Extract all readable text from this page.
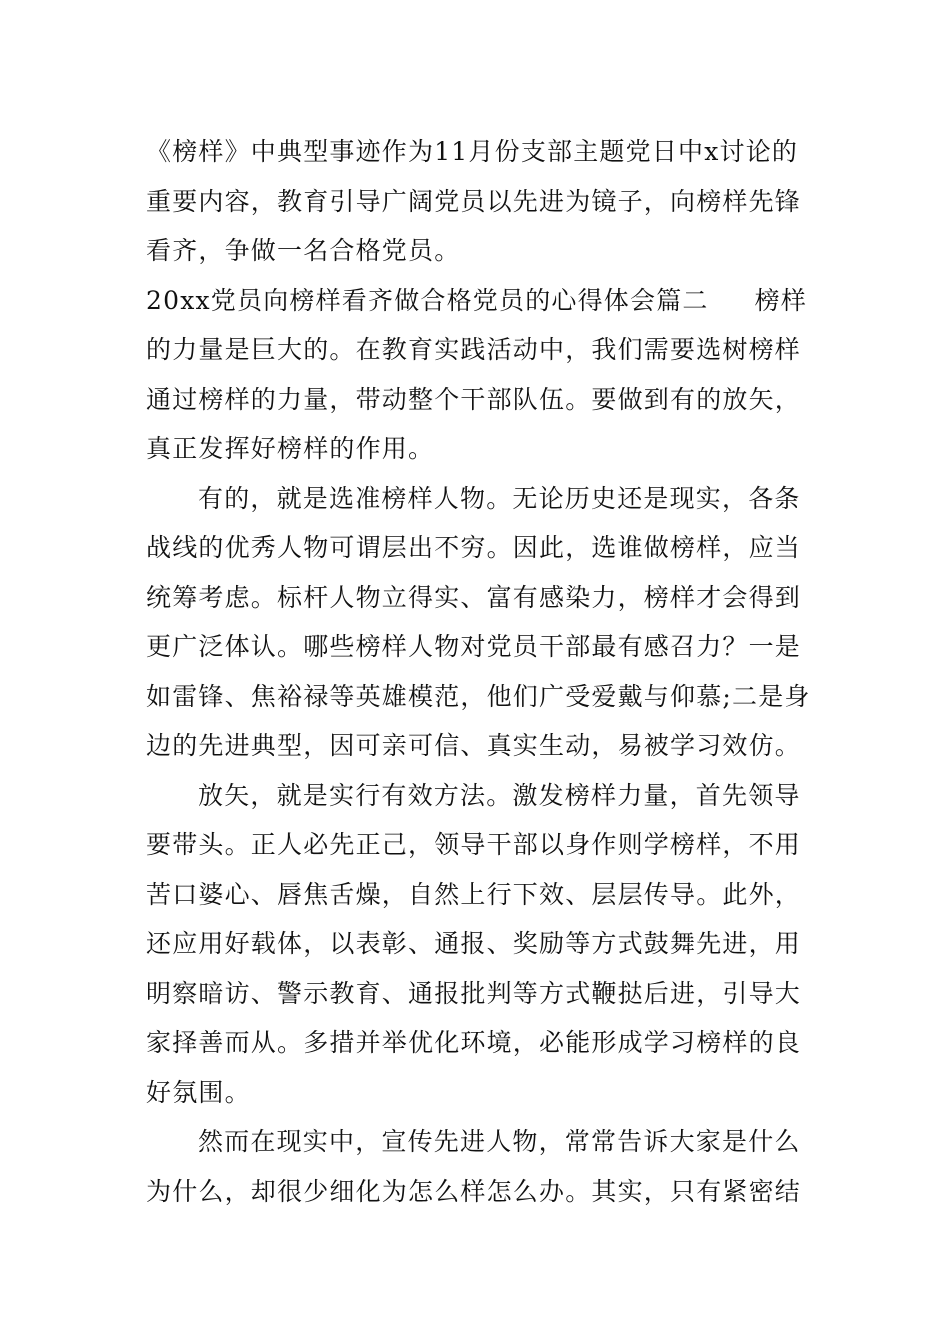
《榜样》中典型事迹作为11月份支部主题党日中x讨论的
重要内容，教育引导广阔党员以先进为镜子，向榜样先锋
看齐，争做一名合格党员。
20xx党员向榜样看齐做合格党员的心得体会篇二 榜样
的力量是巨大的。在教育实践活动中，我们需要选树榜样
通过榜样的力量，带动整个干部队伍。要做到有的放矢，
真正发挥好榜样的作用。
有的，就是选准榜样人物。无论历史还是现实，各条
战线的优秀人物可谓层出不穷。因此，选谁做榜样，应当
统筹考虑。标杆人物立得实、富有感染力，榜样才会得到
更广泛体认。哪些榜样人物对党员干部最有感召力？一是
如雷锋、焦裕禄等英雄模范，他们广受爱戴与仰慕;二是身
边的先进典型，因可亲可信、真实生动，易被学习效仿。
放矢，就是实行有效方法。激发榜样力量，首先领导
要带头。正人必先正己，领导干部以身作则学榜样，不用
苦口婆心、唇焦舌燥，自然上行下效、层层传导。此外，
还应用好载体，以表彰、通报、奖励等方式鼓舞先进，用
明察暗访、警示教育、通报批判等方式鞭挞后进，引导大
家择善而从。多措并举优化环境，必能形成学习榜样的良
好氛围。
然而在现实中，宣传先进人物，常常告诉大家是什么
为什么，却很少细化为怎么样怎么办。其实，只有紧密结
